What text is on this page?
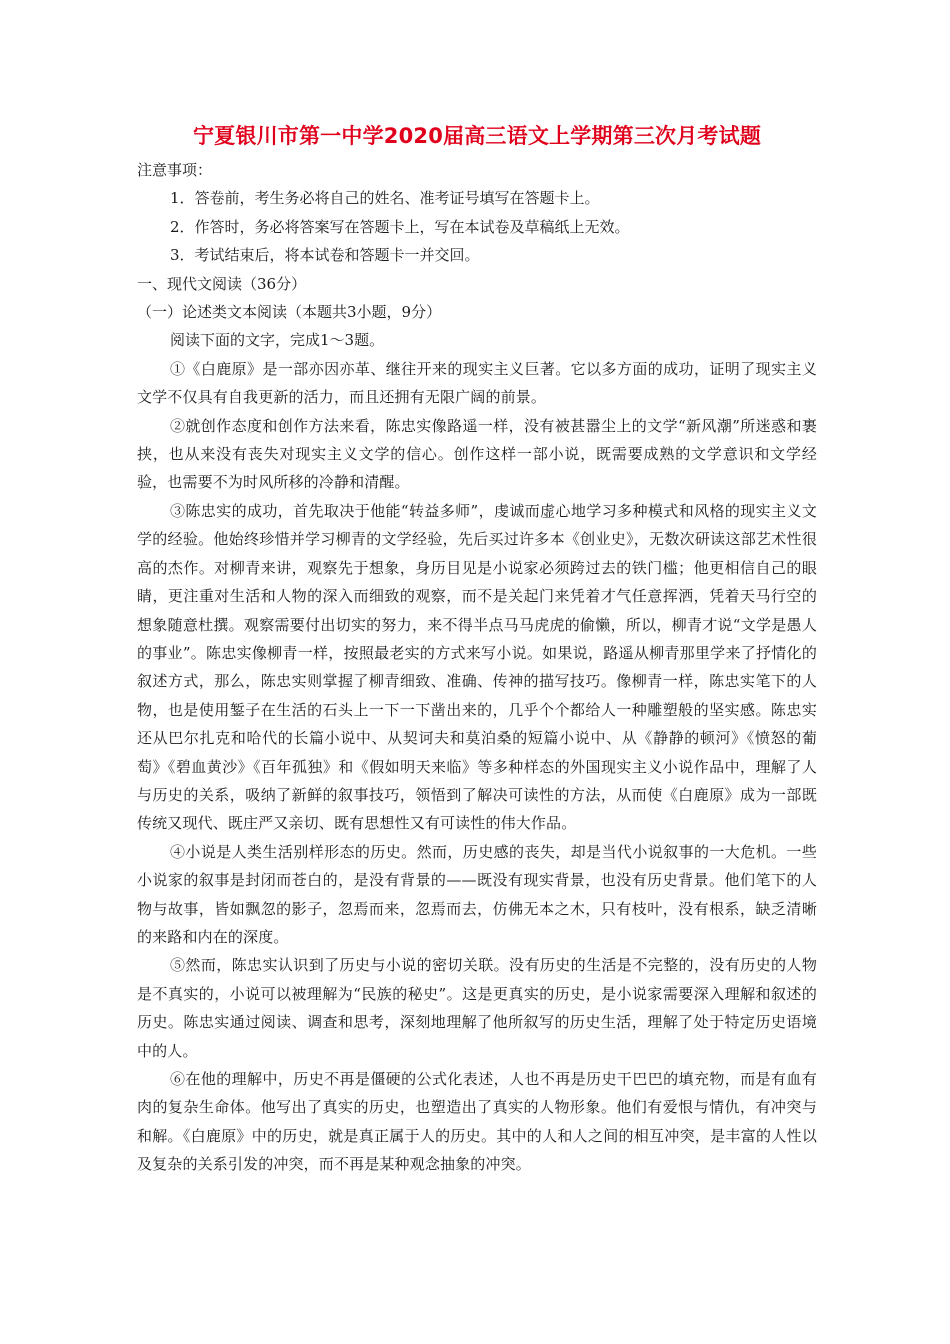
宁夏银川市第一中学2020届高三语文上学期第三次月考试题

注意事项：

1．答卷前，考生务必将自己的姓名、准考证号填写在答题卡上。

2．作答时，务必将答案写在答题卡上，写在本试卷及草稿纸上无效。

3．考试结束后，将本试卷和答题卡一并交回。

一、现代文阅读（36分）

（一）论述类文本阅读（本题共3小题，9分）

阅读下面的文字，完成1～3题。

①《白鹿原》是一部亦因亦革、继往开来的现实主义巨著。它以多方面的成功，证明了现实主义文学不仅具有自我更新的活力，而且还拥有无限广阔的前景。

②就创作态度和创作方法来看，陈忠实像路遥一样，没有被甚嚣尘上的文学“新风潮”所迷惑和裹挟，也从来没有丧失对现实主义文学的信心。创作这样一部小说，既需要成熟的文学意识和文学经验，也需要不为时风所移的冷静和清醒。

③陈忠实的成功，首先取决于他能“转益多师”，虔诚而虚心地学习多种模式和风格的现实主义文学的经验。他始终珍惜并学习柳青的文学经验，先后买过许多本《创业史》，无数次研读这部艺术性很高的杰作。对柳青来讲，观察先于想象，身历目见是小说家必须跨过去的铁门槛；他更相信自己的眼睛，更注重对生活和人物的深入而细致的观察，而不是关起门来凭着才气任意挥洒，凭着天马行空的想象随意杜撰。观察需要付出切实的努力，来不得半点马马虎虎的偷懒，所以，柳青才说“文学是愚人的事业”。陈忠实像柳青一样，按照最老实的方式来写小说。如果说，路遥从柳青那里学来了抒情化的叙述方式，那么，陈忠实则掌握了柳青细致、准确、传神的描写技巧。像柳青一样，陈忠实笔下的人物，也是使用錾子在生活的石头上一下一下凿出来的，几乎个个都给人一种雕塑般的坚实感。陈忠实还从巴尔扎克和哈代的长篇小说中、从契诃夫和莫泊桑的短篇小说中、从《静静的顿河》《愤怒的葡萄》《碧血黄沙》《百年孤独》和《假如明天来临》等多种样态的外国现实主义小说作品中，理解了人与历史的关系，吸纳了新鲜的叙事技巧，领悟到了解决可读性的方法，从而使《白鹿原》成为一部既传统又现代、既庄严又亲切、既有思想性又有可读性的伟大作品。

④小说是人类生活别样形态的历史。然而，历史感的丧失，却是当代小说叙事的一大危机。一些小说家的叙事是封闭而苍白的，是没有背景的——既没有现实背景，也没有历史背景。他们笔下的人物与故事，皆如飘忽的影子，忽焉而来，忽焉而去，仿佛无本之木，只有枝叶，没有根系，缺乏清晰的来路和内在的深度。

⑤然而，陈忠实认识到了历史与小说的密切关联。没有历史的生活是不完整的，没有历史的人物是不真实的，小说可以被理解为“民族的秘史”。这是更真实的历史，是小说家需要深入理解和叙述的历史。陈忠实通过阅读、调查和思考，深刻地理解了他所叙写的历史生活，理解了处于特定历史语境中的人。

⑥在他的理解中，历史不再是僵硬的公式化表述，人也不再是历史干巴巴的填充物，而是有血有肉的复杂生命体。他写出了真实的历史，也塑造出了真实的人物形象。他们有爱恨与情仇，有冲突与和解。《白鹿原》中的历史，就是真正属于人的历史。其中的人和人之间的相互冲突，是丰富的人性以及复杂的关系引发的冲突，而不再是某种观念抽象的冲突。
